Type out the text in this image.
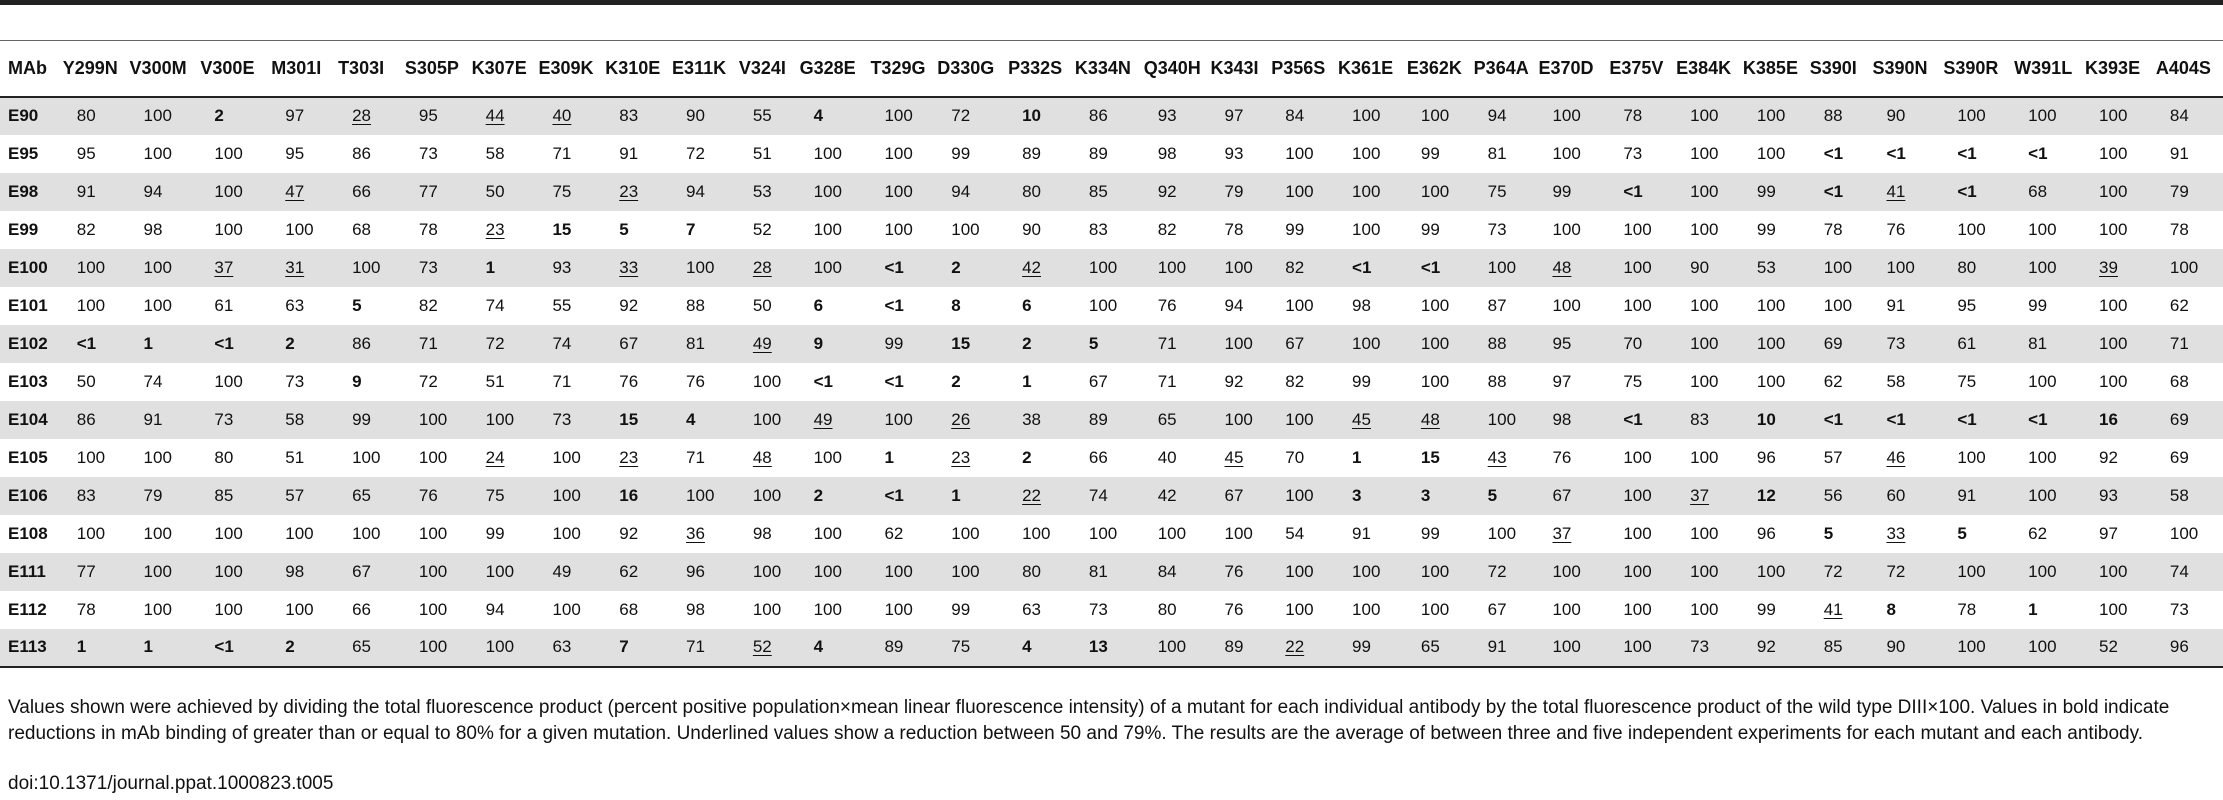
MAb	Y299N	V300M	V300E	M301I	T303I	S305P	K307E	E309K	K310E	E311K	V324I	G328E	T329G	D330G	P332S	K334N	Q340H	K343I	P356S	K361E	E362K	P364A	E370D	E375V	E384K	K385E	S390I	S390N	S390R	W391L	K393E	A404S
E90	80	100	2	97	28	95	44	40	83	90	55	4	100	72	10	86	93	97	84	100	100	94	100	78	100	100	88	90	100	100	100	84
E95	95	100	100	95	86	73	58	71	91	72	51	100	100	99	89	89	98	93	100	100	99	81	100	73	100	100	<1	<1	<1	<1	100	91
E98	91	94	100	47	66	77	50	75	23	94	53	100	100	94	80	85	92	79	100	100	100	75	99	<1	100	99	<1	41	<1	68	100	79
E99	82	98	100	100	68	78	23	15	5	7	52	100	100	100	90	83	82	78	99	100	99	73	100	100	100	99	78	76	100	100	100	78
E100	100	100	37	31	100	73	1	93	33	100	28	100	<1	2	42	100	100	100	82	<1	<1	100	48	100	90	53	100	100	80	100	39	100
E101	100	100	61	63	5	82	74	55	92	88	50	6	<1	8	6	100	76	94	100	98	100	87	100	100	100	100	100	91	95	99	100	62
E102	<1	1	<1	2	86	71	72	74	67	81	49	9	99	15	2	5	71	100	67	100	100	88	95	70	100	100	69	73	61	81	100	71
E103	50	74	100	73	9	72	51	71	76	76	100	<1	<1	2	1	67	71	92	82	99	100	88	97	75	100	100	62	58	75	100	100	68
E104	86	91	73	58	99	100	100	73	15	4	100	49	100	26	38	89	65	100	100	45	48	100	98	<1	83	10	<1	<1	<1	<1	16	69
E105	100	100	80	51	100	100	24	100	23	71	48	100	1	23	2	66	40	45	70	1	15	43	76	100	100	96	57	46	100	100	92	69
E106	83	79	85	57	65	76	75	100	16	100	100	2	<1	1	22	74	42	67	100	3	3	5	67	100	37	12	56	60	91	100	93	58
E108	100	100	100	100	100	100	99	100	92	36	98	100	62	100	100	100	100	100	54	91	99	100	37	100	100	96	5	33	5	62	97	100
E111	77	100	100	98	67	100	100	49	62	96	100	100	100	100	80	81	84	76	100	100	100	72	100	100	100	100	72	72	100	100	100	74
E112	78	100	100	100	66	100	94	100	68	98	100	100	100	99	63	73	80	76	100	100	100	67	100	100	100	99	41	8	78	1	100	73
E113	1	1	<1	2	65	100	100	63	7	71	52	4	89	75	4	13	100	89	22	99	65	91	100	100	73	92	85	90	100	100	52	96
Values shown were achieved by dividing the total fluorescence product (percent positive population×mean linear fluorescence intensity) of a mutant for each individual antibody by the total fluorescence product of the wild type DIII×100. Values in bold indicate reductions in mAb binding of greater than or equal to 80% for a given mutation. Underlined values show a reduction between 50 and 79%. The results are the average of between three and five independent experiments for each mutant and each antibody.
doi:10.1371/journal.ppat.1000823.t005
